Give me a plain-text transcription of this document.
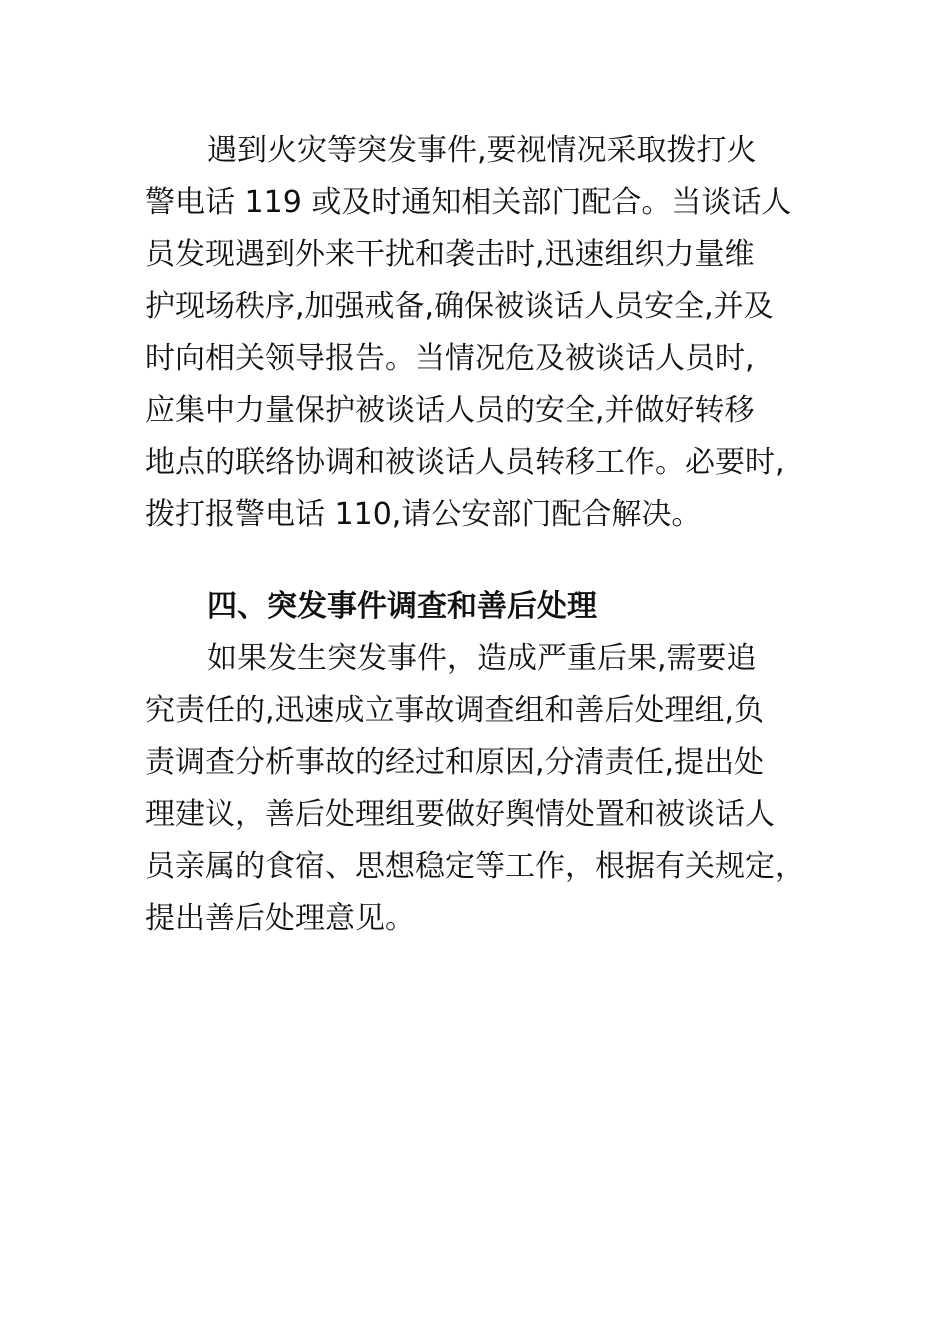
遇到火灾等突发事件,要视情况采取拨打火
警电话 119 或及时通知相关部门配合。当谈话人
员发现遇到外来干扰和袭击时,迅速组织力量维
护现场秩序,加强戒备,确保被谈话人员安全,并及
时向相关领导报告。当情况危及被谈话人员时,
应集中力量保护被谈话人员的安全,并做好转移
地点的联络协调和被谈话人员转移工作。必要时,
拨打报警电话 110,请公安部门配合解决。
四、突发事件调查和善后处理
如果发生突发事件，造成严重后果,需要追
究责任的,迅速成立事故调查组和善后处理组,负
责调查分析事故的经过和原因,分清责任,提出处
理建议，善后处理组要做好舆情处置和被谈话人
员亲属的食宿、思想稳定等工作，根据有关规定，
提出善后处理意见。
